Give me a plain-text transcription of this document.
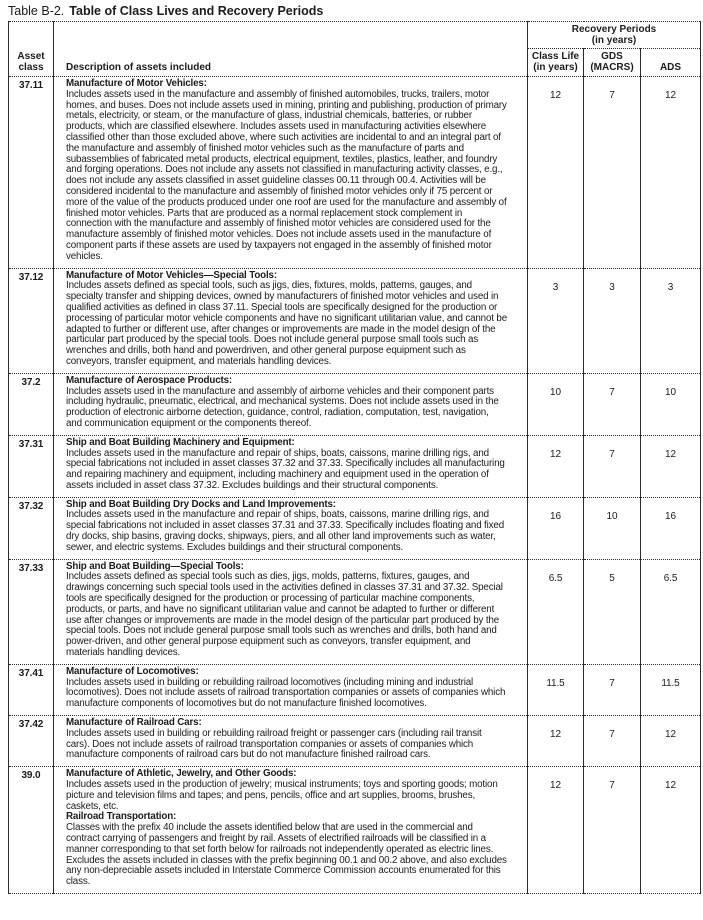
Table B-2. Table of Class Lives and Recovery Periods
Asset class	Description of assets included	Recovery Periods
(in years)		

		Class Life (in years)	GDS (MACRS)	ADS
37.11	Manufacture of Motor Vehicles:
Includes assets used in the manufacture and assembly of finished automobiles, trucks, trailers, motor homes, and buses. Does not include assets used in mining, printing and publishing, production of primary metals, electricity, or steam, or the manufacture of glass, industrial chemicals, batteries, or rubber products, which are classified elsewhere. Includes assets used in manufacturing activities elsewhere classified other than those excluded above, where such activities are incidental to and an integral part of the manufacture and assembly of finished motor vehicles such as the manufacture of parts and subassemblies of fabricated metal products, electrical equipment, textiles, plastics, leather, and foundry and forging operations. Does not include any assets not classified in manufacturing activity classes, e.g., does not include any assets classified in asset guideline classes 00.11 through 00.4. Activities will be considered incidental to the manufacture and assembly of finished motor vehicles only if 75 percent or more of the value of the products produced under one roof are used for the manufacture and assembly of finished motor vehicles. Parts that are produced as a normal replacement stock complement in connection with the manufacture and assembly of finished motor vehicles are considered used for the manufacture assembly of finished motor vehicles. Does not include assets used in the manufacture of component parts if these assets are used by taxpayers not engaged in the assembly of finished motor vehicles.	12	7	12
37.12	Manufacture of Motor Vehicles—Special Tools:
Includes assets defined as special tools, such as jigs, dies, fixtures, molds, patterns, gauges, and specialty transfer and shipping devices, owned by manufacturers of finished motor vehicles and used in qualified activities as defined in class 37.11. Special tools are specifically designed for the production or processing of particular motor vehicle components and have no significant utilitarian value, and cannot be adapted to further or different use, after changes or improvements are made in the model design of the particular part produced by the special tools. Does not include general purpose small tools such as wrenches and drills, both hand and powerdriven, and other general purpose equipment such as conveyors, transfer equipment, and materials handling devices.	3	3	3
37.2	Manufacture of Aerospace Products:
Includes assets used in the manufacture and assembly of airborne vehicles and their component parts including hydraulic, pneumatic, electrical, and mechanical systems. Does not include assets used in the production of electronic airborne detection, guidance, control, radiation, computation, test, navigation, and communication equipment or the components thereof.	10	7	10
37.31	Ship and Boat Building Machinery and Equipment:
Includes assets used in the manufacture and repair of ships, boats, caissons, marine drilling rigs, and special fabrications not included in asset classes 37.32 and 37.33. Specifically includes all manufacturing and repairing machinery and equipment, including machinery and equipment used in the operation of assets included in asset class 37.32. Excludes buildings and their structural components.	12	7	12
37.32	Ship and Boat Building Dry Docks and Land Improvements:
Includes assets used in the manufacture and repair of ships, boats, caissons, marine drilling rigs, and special fabrications not included in asset classes 37.31 and 37.33. Specifically includes floating and fixed dry docks, ship basins, graving docks, shipways, piers, and all other land improvements such as water, sewer, and electric systems. Excludes buildings and their structural components.	16	10	16
37.33	Ship and Boat Building—Special Tools:
Includes assets defined as special tools such as dies, jigs, molds, patterns, fixtures, gauges, and drawings concerning such special tools used in the activities defined in classes 37.31 and 37.32. Special tools are specifically designed for the production or processing of particular machine components, products, or parts, and have no significant utilitarian value and cannot be adapted to further or different use after changes or improvements are made in the model design of the particular part produced by the special tools. Does not include general purpose small tools such as wrenches and drills, both hand and power-driven, and other general purpose equipment such as conveyors, transfer equipment, and materials handling devices.	6.5	5	6.5
37.41	Manufacture of Locomotives:
Includes assets used in building or rebuilding railroad locomotives (including mining and industrial locomotives). Does not include assets of railroad transportation companies or assets of companies which manufacture components of locomotives but do not manufacture finished locomotives.	11.5	7	11.5
37.42	Manufacture of Railroad Cars:
Includes assets used in building or rebuilding railroad freight or passenger cars (including rail transit cars). Does not include assets of railroad transportation companies or assets of companies which manufacture components of railroad cars but do not manufacture finished railroad cars.	12	7	12
39.0	Manufacture of Athletic, Jewelry, and Other Goods:
Includes assets used in the production of jewelry; musical instruments; toys and sporting goods; motion picture and television films and tapes; and pens, pencils, office and art supplies, brooms, brushes, caskets, etc.
Railroad Transportation:
Classes with the prefix 40 include the assets identified below that are used in the commercial and contract carrying of passengers and freight by rail. Assets of electrified railroads will be classified in a manner corresponding to that set forth below for railroads not independently operated as electric lines. Excludes the assets included in classes with the prefix beginning 00.1 and 00.2 above, and also excludes any non-depreciable assets included in Interstate Commerce Commission accounts enumerated for this class.	12	7	12
